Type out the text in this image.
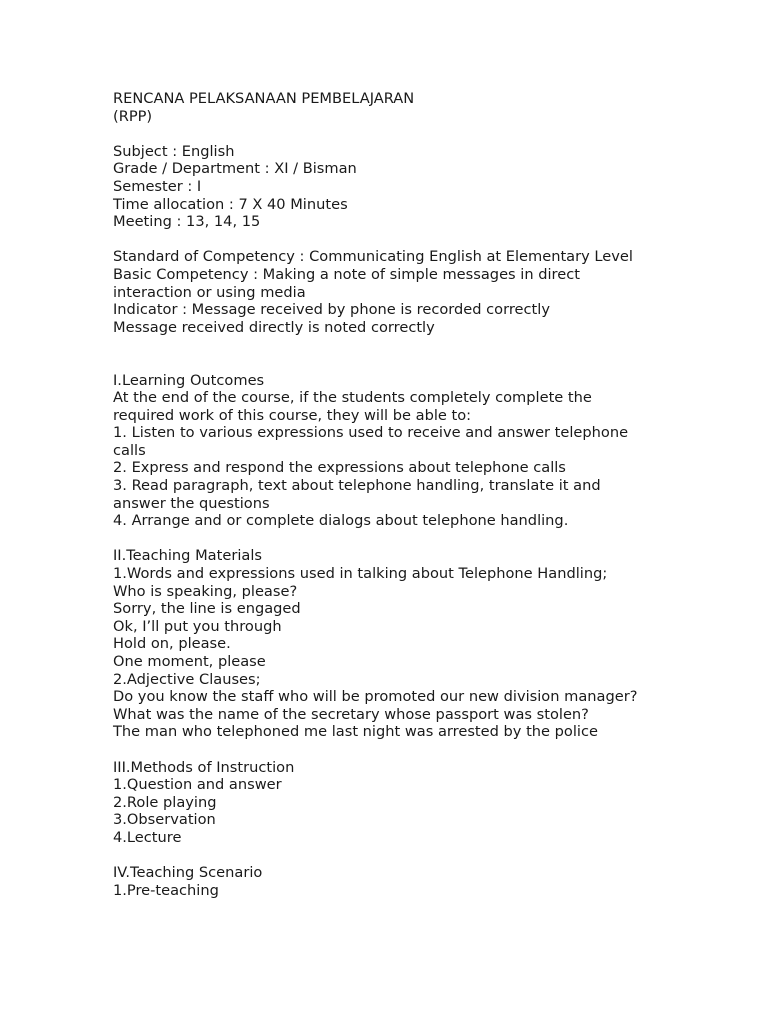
RENCANA PELAKSANAAN PEMBELAJARAN
(RPP)
Subject : English
Grade / Department : XI / Bisman
Semester : I
Time allocation : 7 X 40 Minutes
Meeting : 13, 14, 15
Standard of Competency : Communicating English at Elementary Level
Basic Competency : Making a note of simple messages in direct
interaction or using media
Indicator : Message received by phone is recorded correctly
Message received directly is noted correctly
I.Learning Outcomes
At the end of the course, if the students completely complete the
required work of this course, they will be able to:
1. Listen to various expressions used to receive and answer telephone
calls
2. Express and respond the expressions about telephone calls
3. Read paragraph, text about telephone handling, translate it and
answer the questions
4. Arrange and or complete dialogs about telephone handling.
II.Teaching Materials
1.Words and expressions used in talking about Telephone Handling;
Who is speaking, please?
Sorry, the line is engaged
Ok, I’ll put you through
Hold on, please.
One moment, please
2.Adjective Clauses;
Do you know the staff who will be promoted our new division manager?
What was the name of the secretary whose passport was stolen?
The man who telephoned me last night was arrested by the police
III.Methods of Instruction
1.Question and answer
2.Role playing
3.Observation
4.Lecture
IV.Teaching Scenario
1.Pre-teaching
